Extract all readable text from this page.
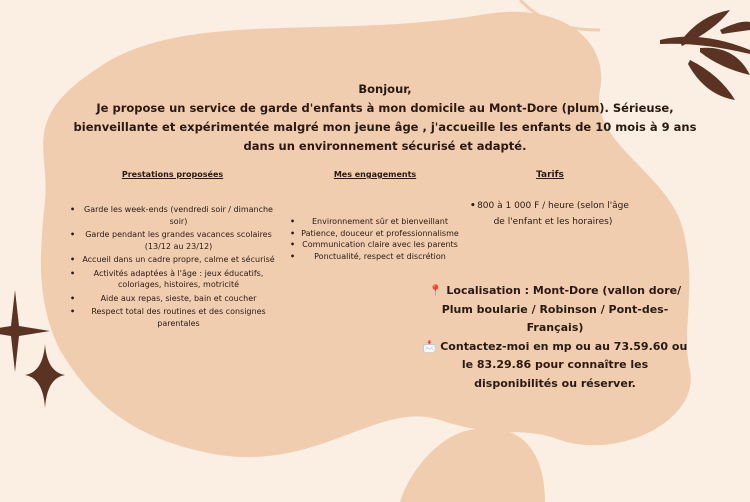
Bonjour,
Je propose un service de garde d'enfants à mon domicile au Mont-Dore (plum). Sérieuse, bienveillante et expérimentée malgré mon jeune âge , j'accueille les enfants de 10 mois à 9 ans dans un environnement sécurisé et adapté.
Prestations proposées
• Garde les week-ends (vendredi soir / dimanche soir)
• Garde pendant les grandes vacances scolaires (13/12 au 23/12)
• Accueil dans un cadre propre, calme et sécurisé
• Activités adaptées à l'âge : jeux éducatifs, coloriages, histoires, motricité
• Aide aux repas, sieste, bain et coucher
• Respect total des routines et des consignes parentales
Mes engagements
• Environnement sûr et bienveillant
• Patience, douceur et professionnalisme
• Communication claire avec les parents
• Ponctualité, respect et discrétion
Tarifs
• 800 à 1 000 F / heure (selon l'âge de l'enfant et les horaires)
📍 Localisation : Mont-Dore (vallon dore/ Plum boularie / Robinson / Pont-des-Français)
📩 Contactez-moi en mp ou au 73.59.60 ou le 83.29.86 pour connaître les disponibilités ou réserver.
